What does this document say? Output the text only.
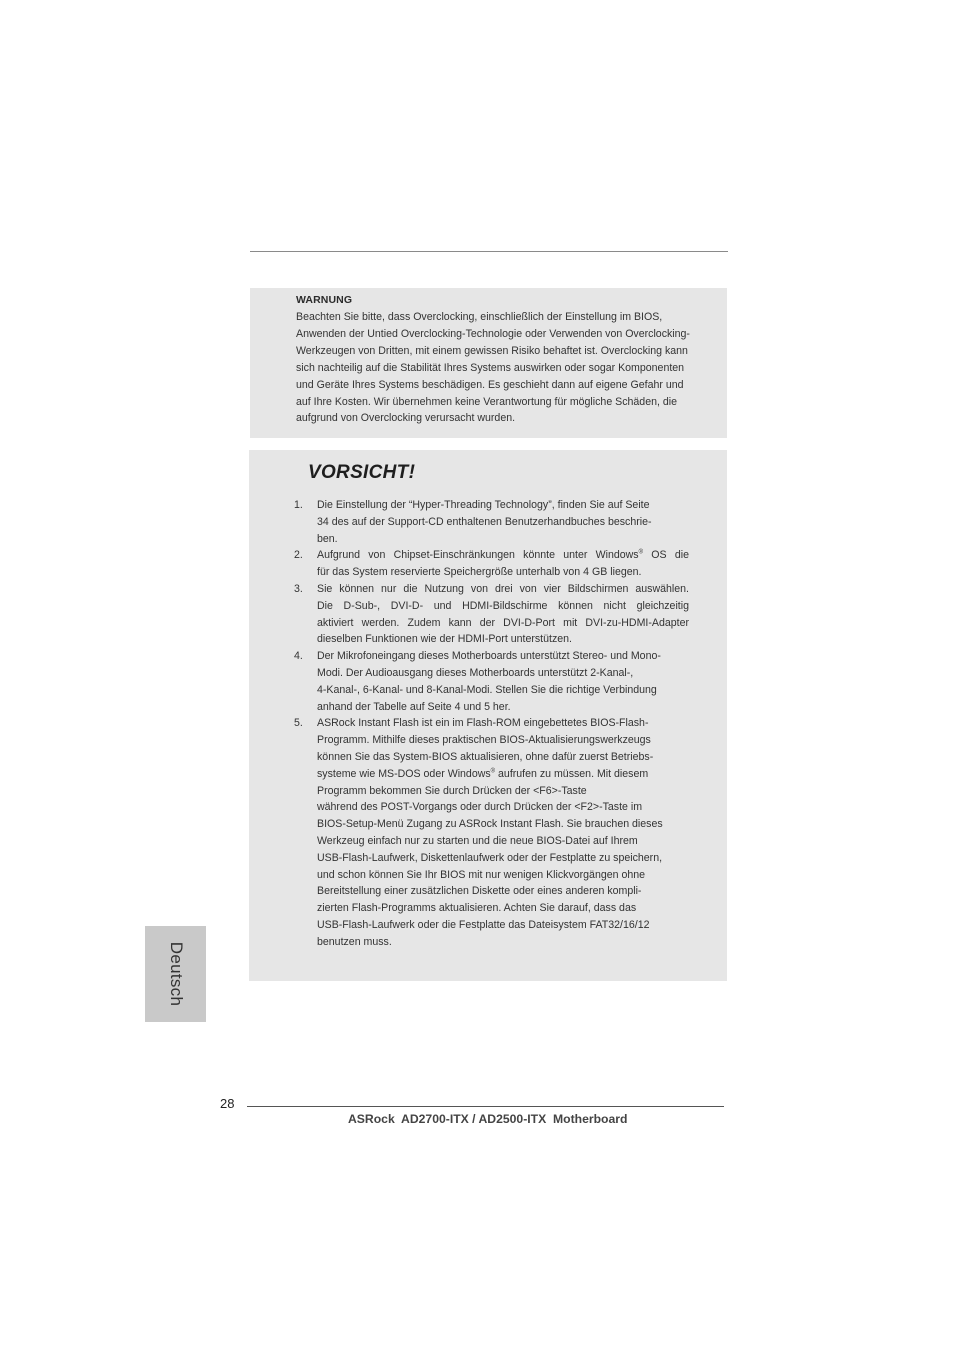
WARNUNG
Beachten Sie bitte, dass Overclocking, einschließlich der Einstellung im BIOS,
Anwenden der Untied Overclocking-Technologie oder Verwenden von Overclocking-
Werkzeugen von Dritten, mit einem gewissen Risiko behaftet ist. Overclocking kann
sich nachteilig auf die Stabilität Ihres Systems auswirken oder sogar Komponenten
und Geräte Ihres Systems beschädigen. Es geschieht dann auf eigene Gefahr und
auf Ihre Kosten. Wir übernehmen keine Verantwortung für mögliche Schäden, die
aufgrund von Overclocking verursacht wurden.
VORSICHT!
1. Die Einstellung der “Hyper-Threading Technology”, finden Sie auf Seite
34 des auf der Support-CD enthaltenen Benutzerhandbuches beschrie-
ben.
2. Aufgrund von Chipset-Einschränkungen könnte unter Windows® OS die
für das System reservierte Speichergröße unterhalb von 4 GB liegen.
3. Sie können nur die Nutzung von drei von vier Bildschirmen auswählen.
Die D-Sub-, DVI-D- und HDMI-Bildschirme können nicht gleichzeitig
aktiviert werden. Zudem kann der DVI-D-Port mit DVI-zu-HDMI-Adapter
dieselben Funktionen wie der HDMI-Port unterstützen.
4. Der Mikrofoneingang dieses Motherboards unterstützt Stereo- und Mono-
Modi. Der Audioausgang dieses Motherboards unterstützt 2-Kanal-,
4-Kanal-, 6-Kanal- und 8-Kanal-Modi. Stellen Sie die richtige Verbindung
anhand der Tabelle auf Seite 4 und 5 her.
5. ASRock Instant Flash ist ein im Flash-ROM eingebettetes BIOS-Flash-
Programm. Mithilfe dieses praktischen BIOS-Aktualisierungswerkzeugs
können Sie das System-BIOS aktualisieren, ohne dafür zuerst Betriebs-
systeme wie MS-DOS oder Windows® aufrufen zu müssen. Mit diesem
Programm bekommen Sie durch Drücken der <F6>-Taste
während des POST-Vorgangs oder durch Drücken der <F2>-Taste im
BIOS-Setup-Menü Zugang zu ASRock Instant Flash. Sie brauchen dieses
Werkzeug einfach nur zu starten und die neue BIOS-Datei auf Ihrem
USB-Flash-Laufwerk, Diskettenlaufwerk oder der Festplatte zu speichern,
und schon können Sie Ihr BIOS mit nur wenigen Klickvorgängen ohne
Bereitstellung einer zusätzlichen Diskette oder eines anderen kompli-
zierten Flash-Programms aktualisieren. Achten Sie darauf, dass das
USB-Flash-Laufwerk oder die Festplatte das Dateisystem FAT32/16/12
benutzen muss.
Deutsch
28
ASRock  AD2700-ITX / AD2500-ITX  Motherboard
